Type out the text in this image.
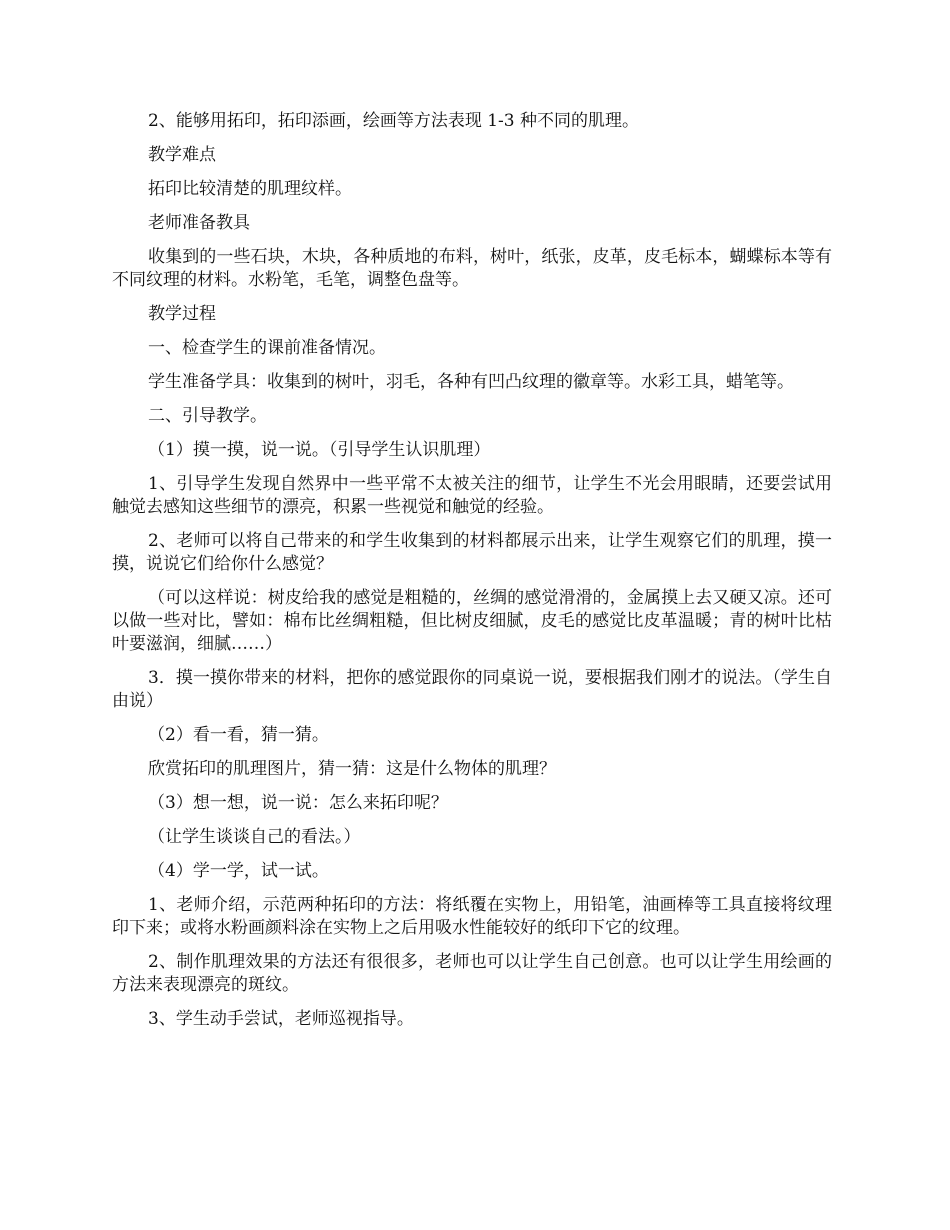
2、能够用拓印，拓印添画，绘画等方法表现 1-3 种不同的肌理。

教学难点

拓印比较清楚的肌理纹样。

老师准备教具

收集到的一些石块，木块，各种质地的布料，树叶，纸张，皮革，皮毛标本，蝴蝶标本等有不同纹理的材料。水粉笔，毛笔，调整色盘等。

教学过程

一、检查学生的课前准备情况。

学生准备学具：收集到的树叶，羽毛，各种有凹凸纹理的徽章等。水彩工具，蜡笔等。

二、引导教学。

（1）摸一摸，说一说。（引导学生认识肌理）

1、引导学生发现自然界中一些平常不太被关注的细节，让学生不光会用眼睛，还要尝试用触觉去感知这些细节的漂亮，积累一些视觉和触觉的经验。

2、老师可以将自己带来的和学生收集到的材料都展示出来，让学生观察它们的肌理，摸一摸，说说它们给你什么感觉？

（可以这样说：树皮给我的感觉是粗糙的，丝绸的感觉滑滑的，金属摸上去又硬又凉。还可以做一些对比，譬如：棉布比丝绸粗糙，但比树皮细腻，皮毛的感觉比皮革温暖；青的树叶比枯叶要滋润，细腻……）

3．摸一摸你带来的材料，把你的感觉跟你的同桌说一说，要根据我们刚才的说法。（学生自由说）

（2）看一看，猜一猜。

欣赏拓印的肌理图片，猜一猜：这是什么物体的肌理？

（3）想一想，说一说：怎么来拓印呢？

（让学生谈谈自己的看法。）

（4）学一学，试一试。

1、老师介绍，示范两种拓印的方法：将纸覆在实物上，用铅笔，油画棒等工具直接将纹理印下来；或将水粉画颜料涂在实物上之后用吸水性能较好的纸印下它的纹理。

2、制作肌理效果的方法还有很很多，老师也可以让学生自己创意。也可以让学生用绘画的方法来表现漂亮的斑纹。

3、学生动手尝试，老师巡视指导。
